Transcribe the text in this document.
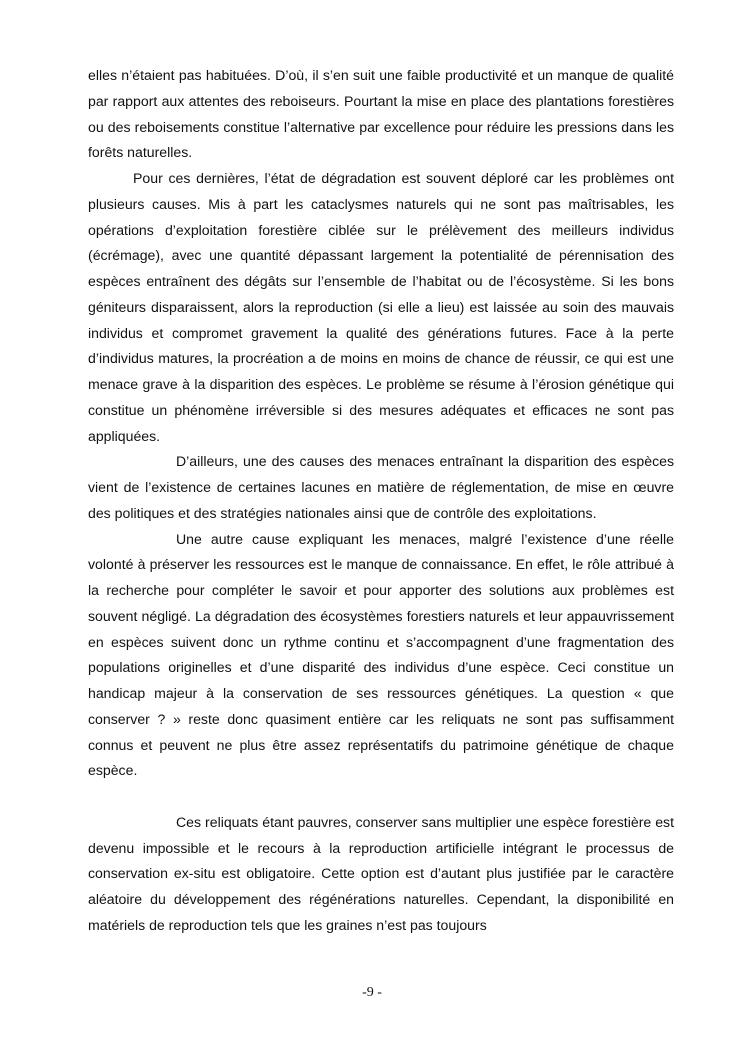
elles n’étaient pas habituées. D’où, il s’en suit une faible productivité et un manque de qualité par rapport aux attentes des reboiseurs. Pourtant la mise en place des plantations forestières ou des reboisements constitue l’alternative par excellence pour réduire les pressions dans les forêts naturelles.

Pour ces dernières, l’état de dégradation est souvent déploré car les problèmes ont plusieurs causes. Mis à part les cataclysmes naturels qui ne sont pas maîtrisables, les opérations d’exploitation forestière ciblée sur le prélèvement des meilleurs individus (écrémage), avec une quantité dépassant largement la potentialité de pérennisation des espèces entraînent des dégâts sur l’ensemble de l’habitat ou de l’écosystème. Si les bons géniteurs disparaissent, alors la reproduction (si elle a lieu) est laissée au soin des mauvais individus et compromet gravement la qualité des générations futures. Face à la perte d’individus matures, la procréation a de moins en moins de chance de réussir, ce qui est une menace grave à la disparition des espèces. Le problème se résume à l’érosion génétique qui constitue un phénomène irréversible si des mesures adéquates et efficaces ne sont pas appliquées.

D’ailleurs, une des causes des menaces entraînant la disparition des espèces vient de l’existence de certaines lacunes en matière de réglementation, de mise en œuvre des politiques et des stratégies nationales ainsi que de contrôle des exploitations.

Une autre cause expliquant les menaces, malgré l’existence d’une réelle volonté à préserver les ressources est le manque de connaissance. En effet, le rôle attribué à la recherche pour compléter le savoir et pour apporter des solutions aux problèmes est souvent négligé. La dégradation des écosystèmes forestiers naturels et leur appauvrissement en espèces suivent donc un rythme continu et s’accompagnent d’une fragmentation des populations originelles et d’une disparité des individus d’une espèce. Ceci constitue un handicap majeur à la conservation de ses ressources génétiques. La question « que conserver ? » reste donc quasiment entière car les reliquats ne sont pas suffisamment connus et peuvent ne plus être assez représentatifs du patrimoine génétique de chaque espèce.

Ces reliquats étant pauvres, conserver sans multiplier une espèce forestière est devenu impossible et le recours à la reproduction artificielle intégrant le processus de conservation ex-situ est obligatoire. Cette option est d’autant plus justifiée par le caractère aléatoire du développement des régénérations naturelles. Cependant, la disponibilité en matériels de reproduction tels que les graines n’est pas toujours

-9 -
